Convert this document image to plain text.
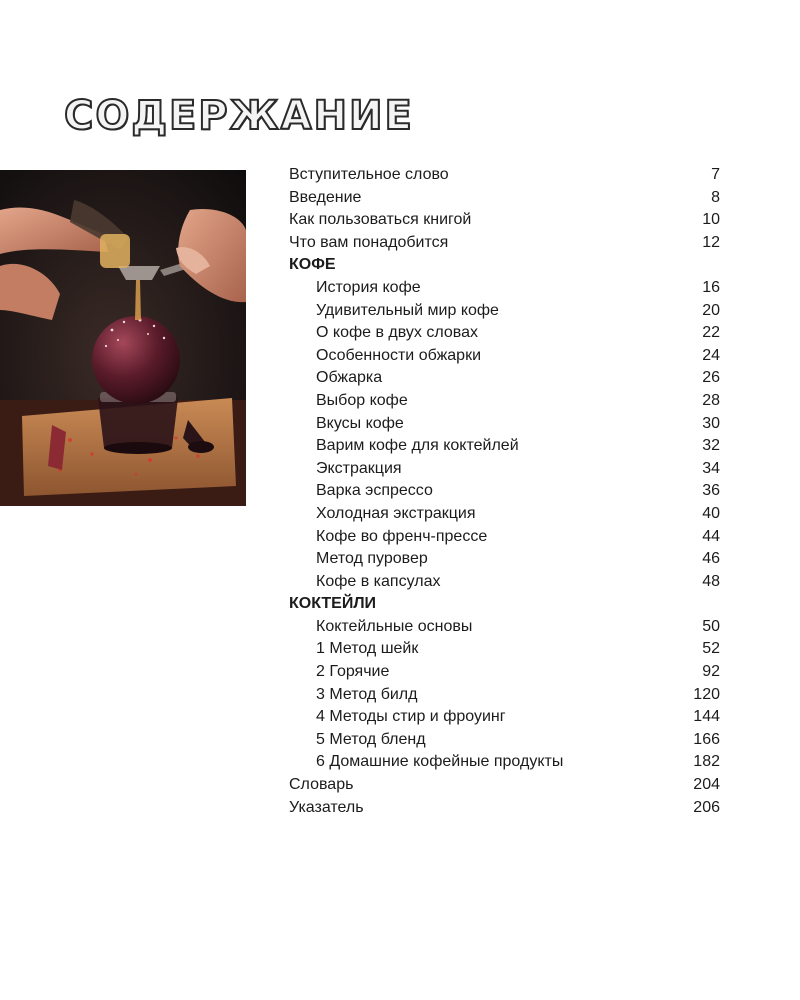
СОДЕРЖАНИЕ
Вступительное слово	7
Введение	8
Как пользоваться книгой	10
Что вам понадобится	12
КОФЕ
История кофе	16
Удивительный мир кофе	20
О кофе в двух словах	22
Особенности обжарки	24
Обжарка	26
Выбор кофе	28
Вкусы кофе	30
Варим кофе для коктейлей	32
Экстракция	34
Варка эспрессо	36
Холодная экстракция	40
Кофе во френч-прессе	44
Метод пуровер	46
Кофе в капсулах	48
КОКТЕЙЛИ
Коктейльные основы	50
1 Метод шейк	52
2 Горячие	92
3 Метод билд	120
4 Методы стир и фроуинг	144
5 Метод бленд	166
6 Домашние кофейные продукты	182
Словарь	204
Указатель	206
